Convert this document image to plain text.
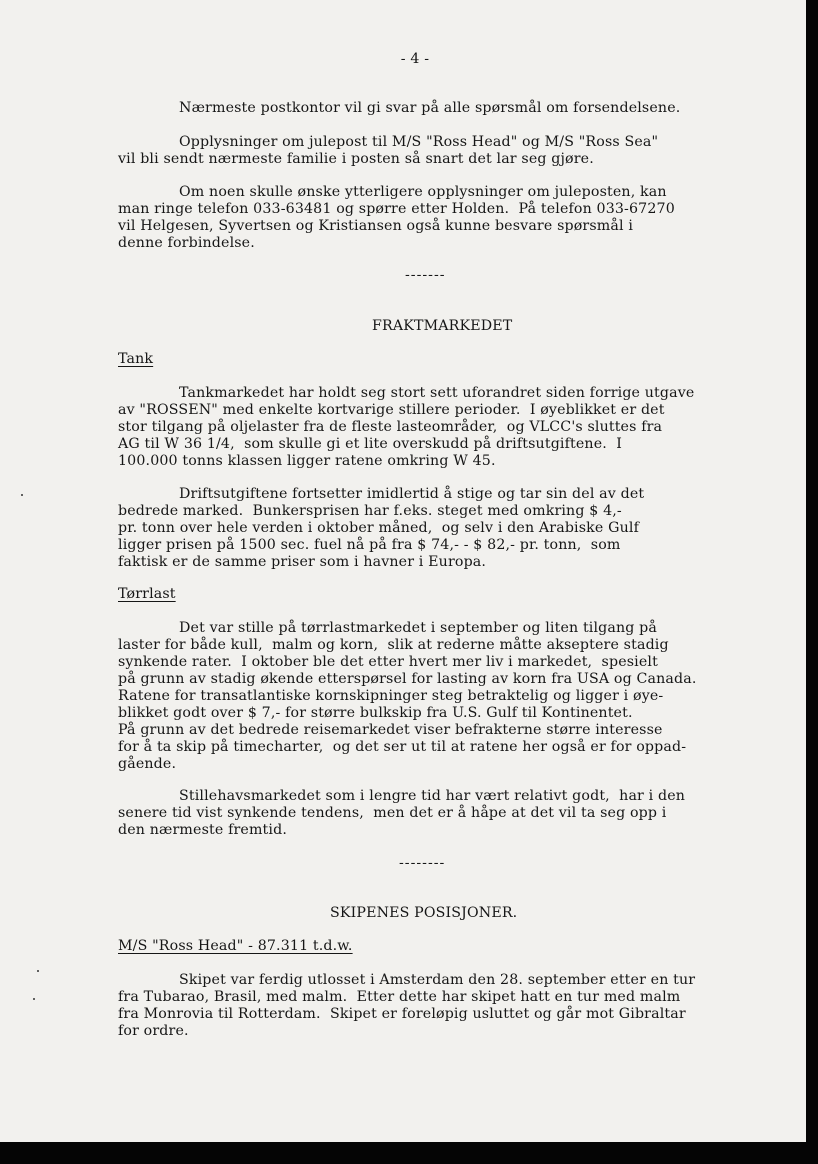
- 4 -
Nærmeste postkontor vil gi svar på alle spørsmål om forsendelsene.
Opplysninger om julepost til M/S "Ross Head" og M/S "Ross Sea"
vil bli sendt nærmeste familie i posten så snart det lar seg gjøre.
Om noen skulle ønske ytterligere opplysninger om juleposten, kan
man ringe telefon 033-63481 og spørre etter Holden.  På telefon 033-67270
vil Helgesen, Syvertsen og Kristiansen også kunne besvare spørsmål i
denne forbindelse.
-------
FRAKTMARKEDET
Tank
Tankmarkedet har holdt seg stort sett uforandret siden forrige utgave
av "ROSSEN" med enkelte kortvarige stillere perioder.  I øyeblikket er det
stor tilgang på oljelaster fra de fleste lasteområder,  og VLCC's sluttes fra
AG til W 36 1/4,  som skulle gi et lite overskudd på driftsutgiftene.  I
100.000 tonns klassen ligger ratene omkring W 45.
Driftsutgiftene fortsetter imidlertid å stige og tar sin del av det
bedrede marked.  Bunkersprisen har f.eks. steget med omkring $ 4,-
pr. tonn over hele verden i oktober måned,  og selv i den Arabiske Gulf
ligger prisen på 1500 sec. fuel nå på fra $ 74,- - $ 82,- pr. tonn,  som
faktisk er de samme priser som i havner i Europa.
Tørrlast
Det var stille på tørrlastmarkedet i september og liten tilgang på
laster for både kull,  malm og korn,  slik at rederne måtte akseptere stadig
synkende rater.  I oktober ble det etter hvert mer liv i markedet,  spesielt
på grunn av stadig økende etterspørsel for lasting av korn fra USA og Canada.
Ratene for transatlantiske kornskipninger steg betraktelig og ligger i øye-
blikket godt over $ 7,- for større bulkskip fra U.S. Gulf til Kontinentet.
På grunn av det bedrede reisemarkedet viser befrakterne større interesse
for å ta skip på timecharter,  og det ser ut til at ratene her også er for oppad-
gående.
Stillehavsmarkedet som i lengre tid har vært relativt godt,  har i den
senere tid vist synkende tendens,  men det er å håpe at det vil ta seg opp i
den nærmeste fremtid.
--------
SKIPENES POSISJONER.
M/S "Ross Head" - 87.311 t.d.w.
Skipet var ferdig utlosset i Amsterdam den 28. september etter en tur
fra Tubarao, Brasil, med malm.  Etter dette har skipet hatt en tur med malm
fra Monrovia til Rotterdam.  Skipet er foreløpig usluttet og går mot Gibraltar
for ordre.
